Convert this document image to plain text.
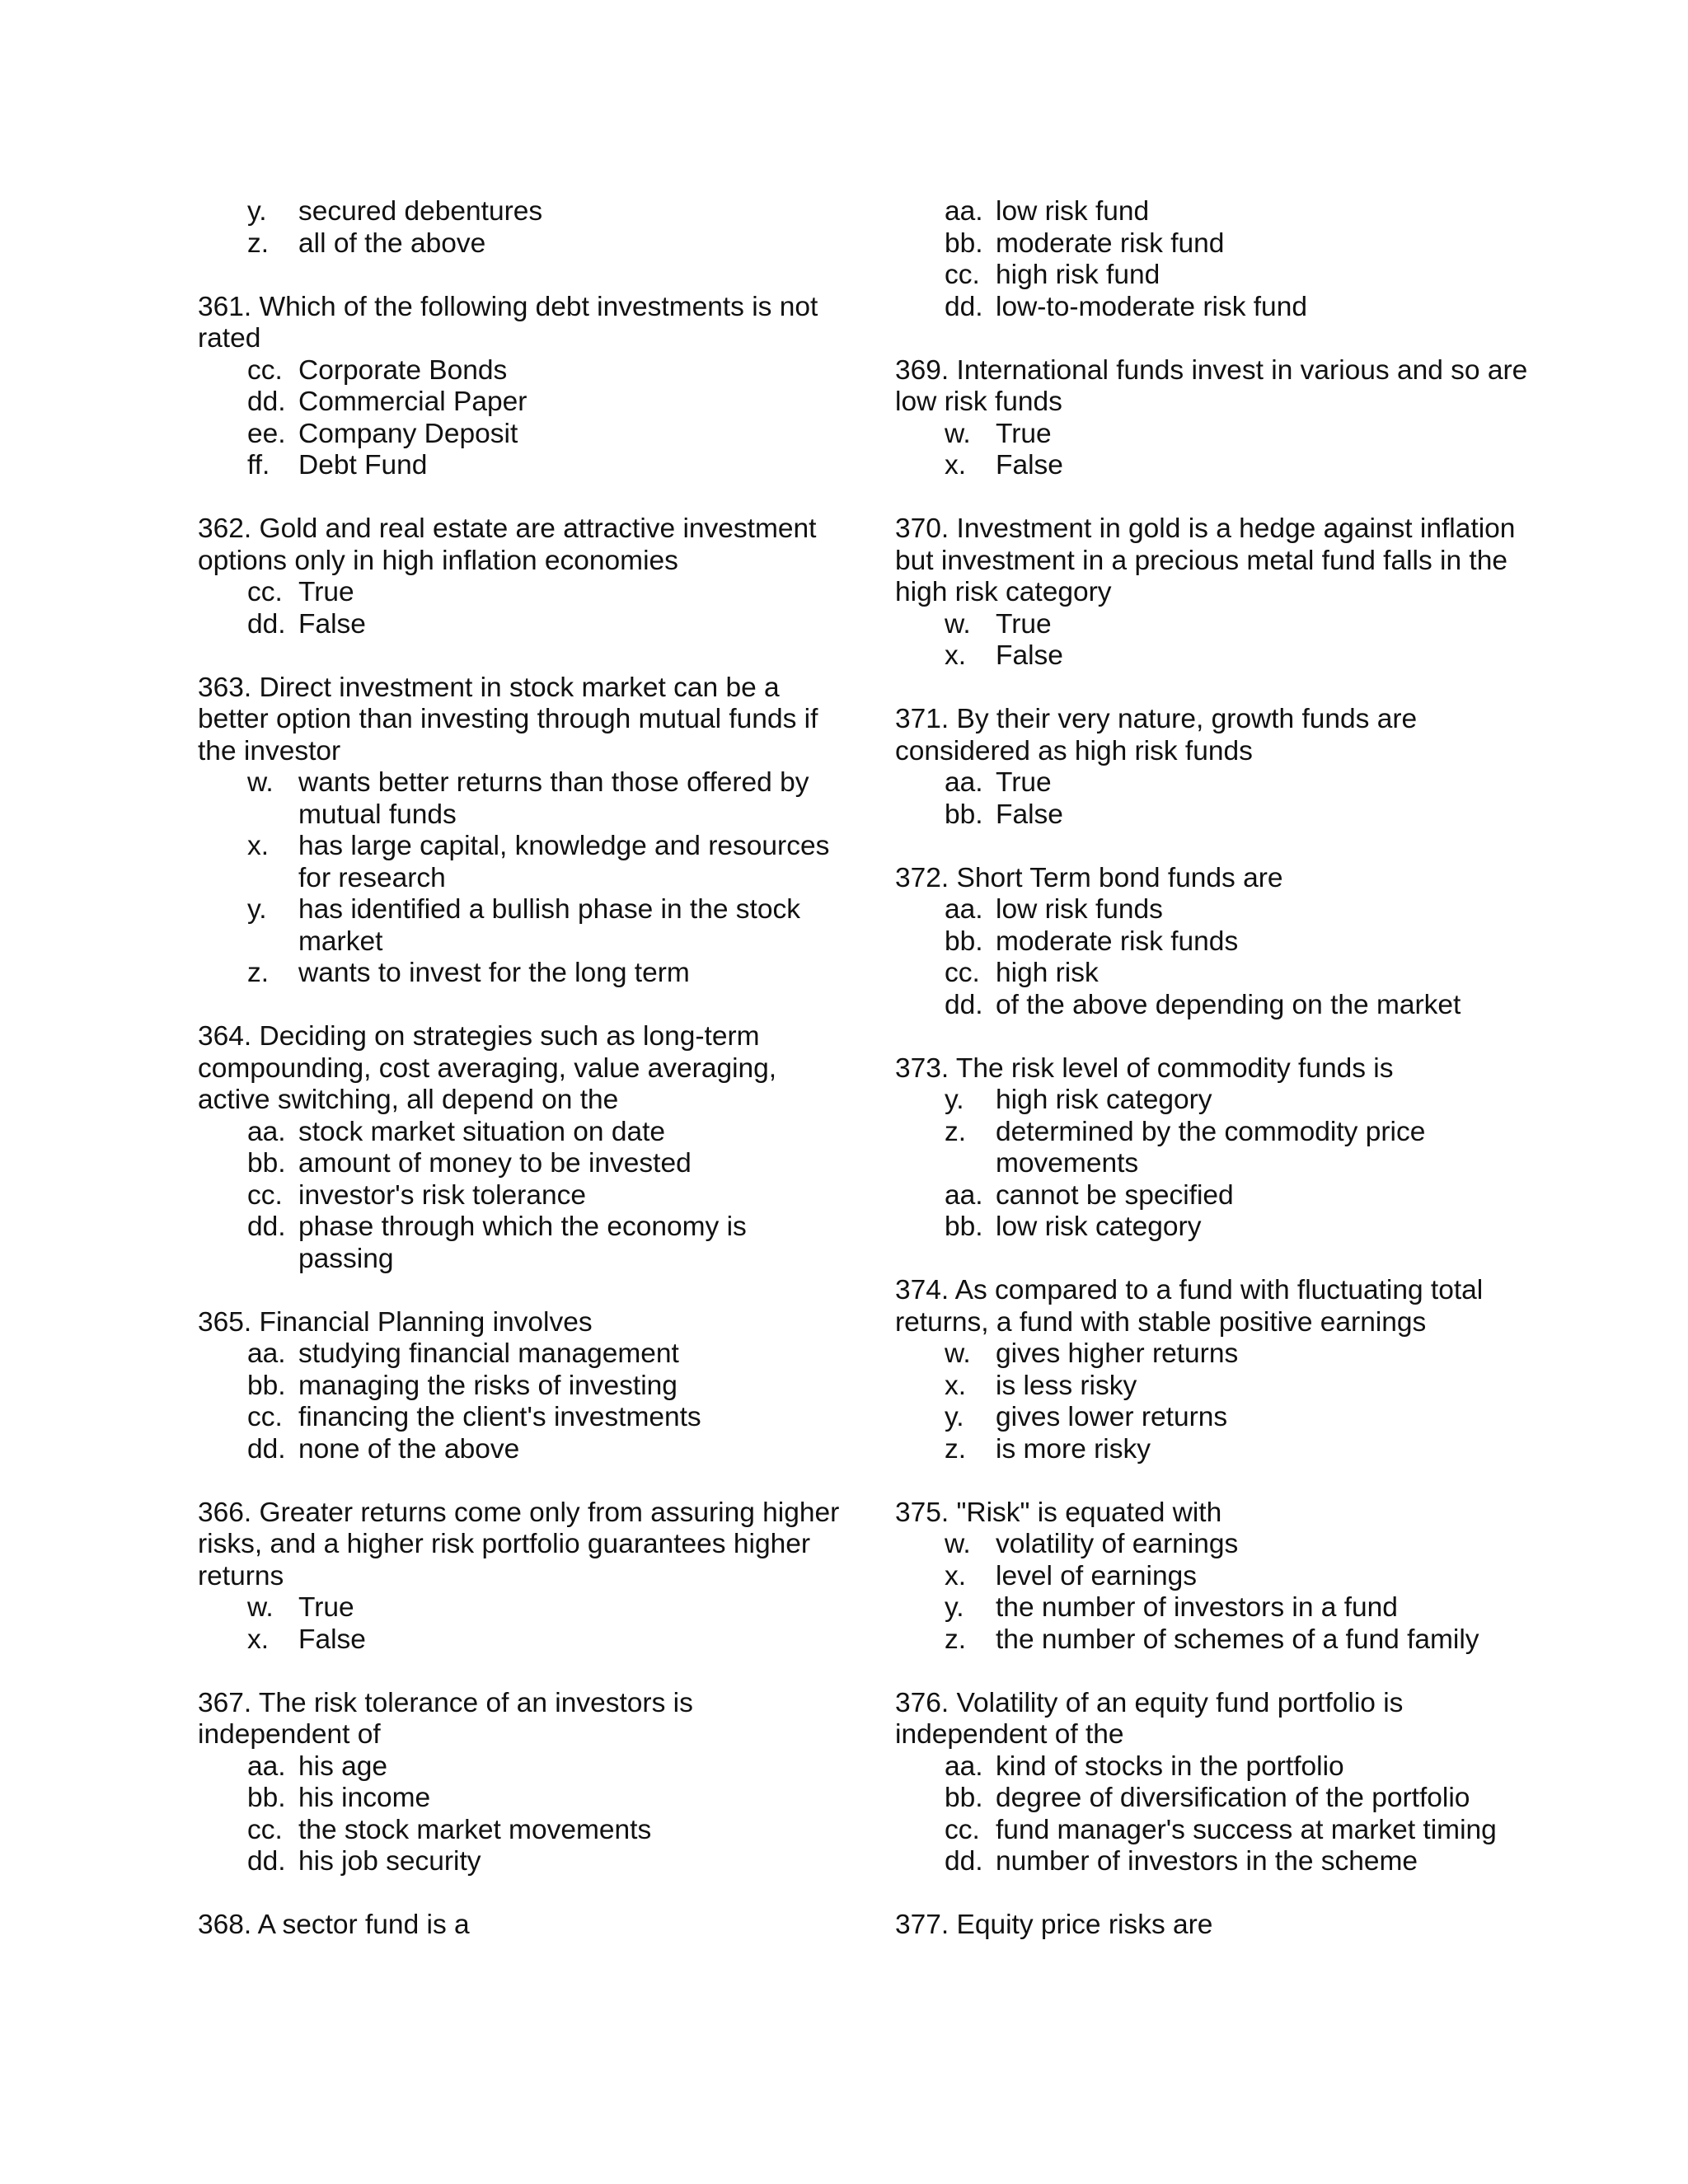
y. secured debentures
z. all of the above
361. Which of the following debt investments is not rated
cc. Corporate Bonds
dd. Commercial Paper
ee. Company Deposit
ff. Debt Fund
362. Gold and real estate are attractive investment options only in high inflation economies
cc. True
dd. False
363. Direct investment in stock market can be a better option than investing through mutual funds if the investor
w. wants better returns than those offered by mutual funds
x. has large capital, knowledge and resources for research
y. has identified a bullish phase in the stock market
z. wants to invest for the long term
364. Deciding on strategies such as long-term compounding, cost averaging, value averaging, active switching, all depend on the
aa. stock market situation on date
bb. amount of money to be invested
cc. investor's risk tolerance
dd. phase through which the economy is passing
365. Financial Planning involves
aa. studying financial management
bb. managing the risks of investing
cc. financing the client's investments
dd. none of the above
366. Greater returns come only from assuring higher risks, and a higher risk portfolio guarantees higher returns
w. True
x. False
367. The risk tolerance of an investors is independent of
aa. his age
bb. his income
cc. the stock market movements
dd. his job security
368. A sector fund is a
aa. low risk fund
bb. moderate risk fund
cc. high risk fund
dd. low-to-moderate risk fund
369. International funds invest in various and so are low risk funds
w. True
x. False
370. Investment in gold is a hedge against inflation but investment in a precious metal fund falls in the high risk category
w. True
x. False
371. By their very nature, growth funds are considered as high risk funds
aa. True
bb. False
372. Short Term bond funds are
aa. low risk funds
bb. moderate risk funds
cc. high risk
dd. of the above depending on the market
373. The risk level of commodity funds is
y. high risk category
z. determined by the commodity price movements
aa. cannot be specified
bb. low risk category
374. As compared to a fund with fluctuating total returns, a fund with stable positive earnings
w. gives higher returns
x. is less risky
y. gives lower returns
z. is more risky
375. "Risk" is equated with
w. volatility of earnings
x. level of earnings
y. the number of investors in a fund
z. the number of schemes of a fund family
376. Volatility of an equity fund portfolio is independent of the
aa. kind of stocks in the portfolio
bb. degree of diversification of the portfolio
cc. fund manager's success at market timing
dd. number of investors in the scheme
377. Equity price risks are
